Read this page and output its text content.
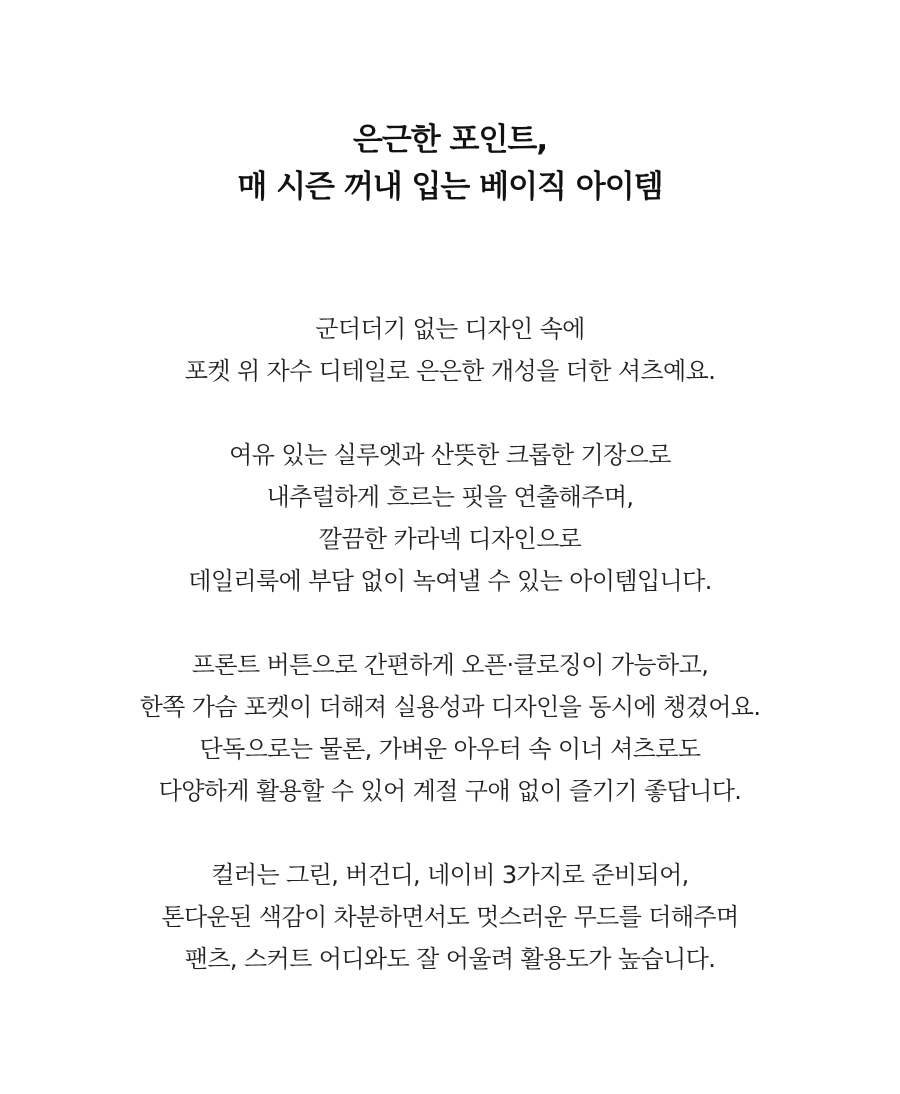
은근한 포인트,
매 시즌 꺼내 입는 베이직 아이템
군더더기 없는 디자인 속에
포켓 위 자수 디테일로 은은한 개성을 더한 셔츠예요.
여유 있는 실루엣과 산뜻한 크롭한 기장으로
내추럴하게 흐르는 핏을 연출해주며,
깔끔한 카라넥 디자인으로
데일리룩에 부담 없이 녹여낼 수 있는 아이템입니다.
프론트 버튼으로 간편하게 오픈·클로징이 가능하고,
한쪽 가슴 포켓이 더해져 실용성과 디자인을 동시에 챙겼어요.
단독으로는 물론, 가벼운 아우터 속 이너 셔츠로도
다양하게 활용할 수 있어 계절 구애 없이 즐기기 좋답니다.
컬러는 그린, 버건디, 네이비 3가지로 준비되어,
톤다운된 색감이 차분하면서도 멋스러운 무드를 더해주며
팬츠, 스커트 어디와도 잘 어울려 활용도가 높습니다.
